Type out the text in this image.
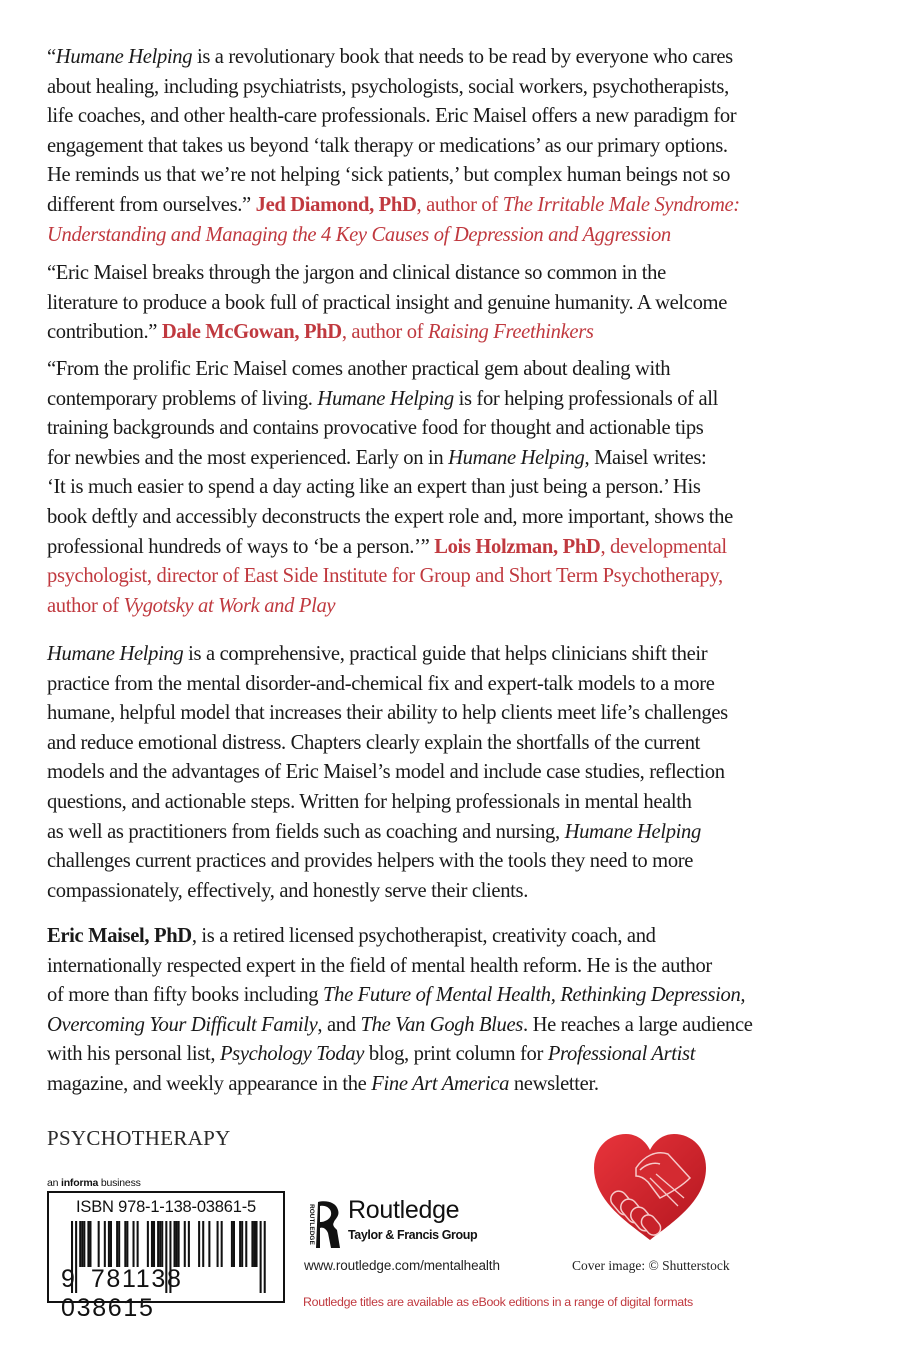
“Humane Helping is a revolutionary book that needs to be read by everyone who cares
about healing, including psychiatrists, psychologists, social workers, psychotherapists,
life coaches, and other health-care professionals. Eric Maisel offers a new paradigm for
engagement that takes us beyond ‘talk therapy or medications’ as our primary options.
He reminds us that we’re not helping ‘sick patients,’ but complex human beings not so
different from ourselves.” Jed Diamond, PhD, author of The Irritable Male Syndrome:
Understanding and Managing the 4 Key Causes of Depression and Aggression
“Eric Maisel breaks through the jargon and clinical distance so common in the
literature to produce a book full of practical insight and genuine humanity. A welcome
contribution.” Dale McGowan, PhD, author of Raising Freethinkers
“From the prolific Eric Maisel comes another practical gem about dealing with
contemporary problems of living. Humane Helping is for helping professionals of all
training backgrounds and contains provocative food for thought and actionable tips
for newbies and the most experienced. Early on in Humane Helping, Maisel writes:
‘It is much easier to spend a day acting like an expert than just being a person.’ His
book deftly and accessibly deconstructs the expert role and, more important, shows the
professional hundreds of ways to ‘be a person.’” Lois Holzman, PhD, developmental
psychologist, director of East Side Institute for Group and Short Term Psychotherapy,
author of Vygotsky at Work and Play
Humane Helping is a comprehensive, practical guide that helps clinicians shift their
practice from the mental disorder-and-chemical fix and expert-talk models to a more
humane, helpful model that increases their ability to help clients meet life’s challenges
and reduce emotional distress. Chapters clearly explain the shortfalls of the current
models and the advantages of Eric Maisel’s model and include case studies, reflection
questions, and actionable steps. Written for helping professionals in mental health
as well as practitioners from fields such as coaching and nursing, Humane Helping
challenges current practices and provides helpers with the tools they need to more
compassionately, effectively, and honestly serve their clients.
Eric Maisel, PhD, is a retired licensed psychotherapist, creativity coach, and
internationally respected expert in the field of mental health reform. He is the author
of more than fifty books including The Future of Mental Health, Rethinking Depression,
Overcoming Your Difficult Family, and The Van Gogh Blues. He reaches a large audience
with his personal list, Psychology Today blog, print column for Professional Artist
magazine, and weekly appearance in the Fine Art America newsletter.
PSYCHOTHERAPY
an informa business
ISBN 978-1-138-03861-5
9 781138 038615
ROUTLEDGE Routledge
Taylor & Francis Group
www.routledge.com/mentalhealth	Cover image: © Shutterstock
Routledge titles are available as eBook editions in a range of digital formats
